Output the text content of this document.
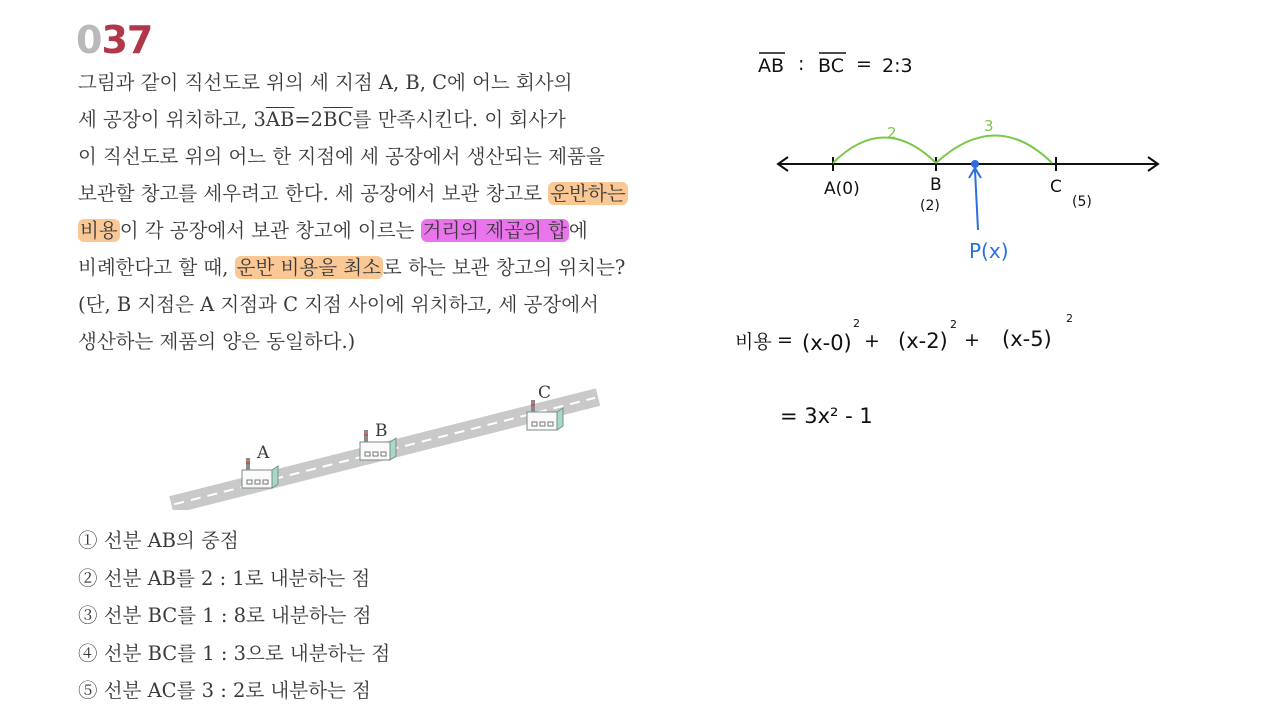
037
그림과 같이 직선도로 위의 세 지점 A, B, C에 어느 회사의
세 공장이 위치하고, $3\overline{AB}=2\overline{BC}$를 만족시킨다. 이 회사가
이 직선도로 위의 어느 한 지점에 세 공장에서 생산되는 제품을
보관할 창고를 세우려고 한다. 세 공장에서 보관 창고로 운반하는
비용 이 각 공장에서 보관 창고에 이르는 거리의 제곱의 합 에
비례한다고 할 때, 운반 비용을 최소 로 하는 보관 창고의 위치는?
(단, B 지점은 A 지점과 C 지점 사이에 위치하고, 세 공장에서
생산하는 제품의 양은 동일하다.)
A
B
C
① 선분 AB의 중점
② 선분 AB를 2 : 1로 내분하는 점
③ 선분 BC를 1 : 8로 내분하는 점
④ 선분 BC를 1 : 3으로 내분하는 점
⑤ 선분 AC를 3 : 2로 내분하는 점
AB : BC = 2:3
2	3
A(0)	B
(2)
C
(5)
P(x)
비용 = (x-0)
2
+ (x-2)
2
+ (x-5)
2
= 3x² - 1
